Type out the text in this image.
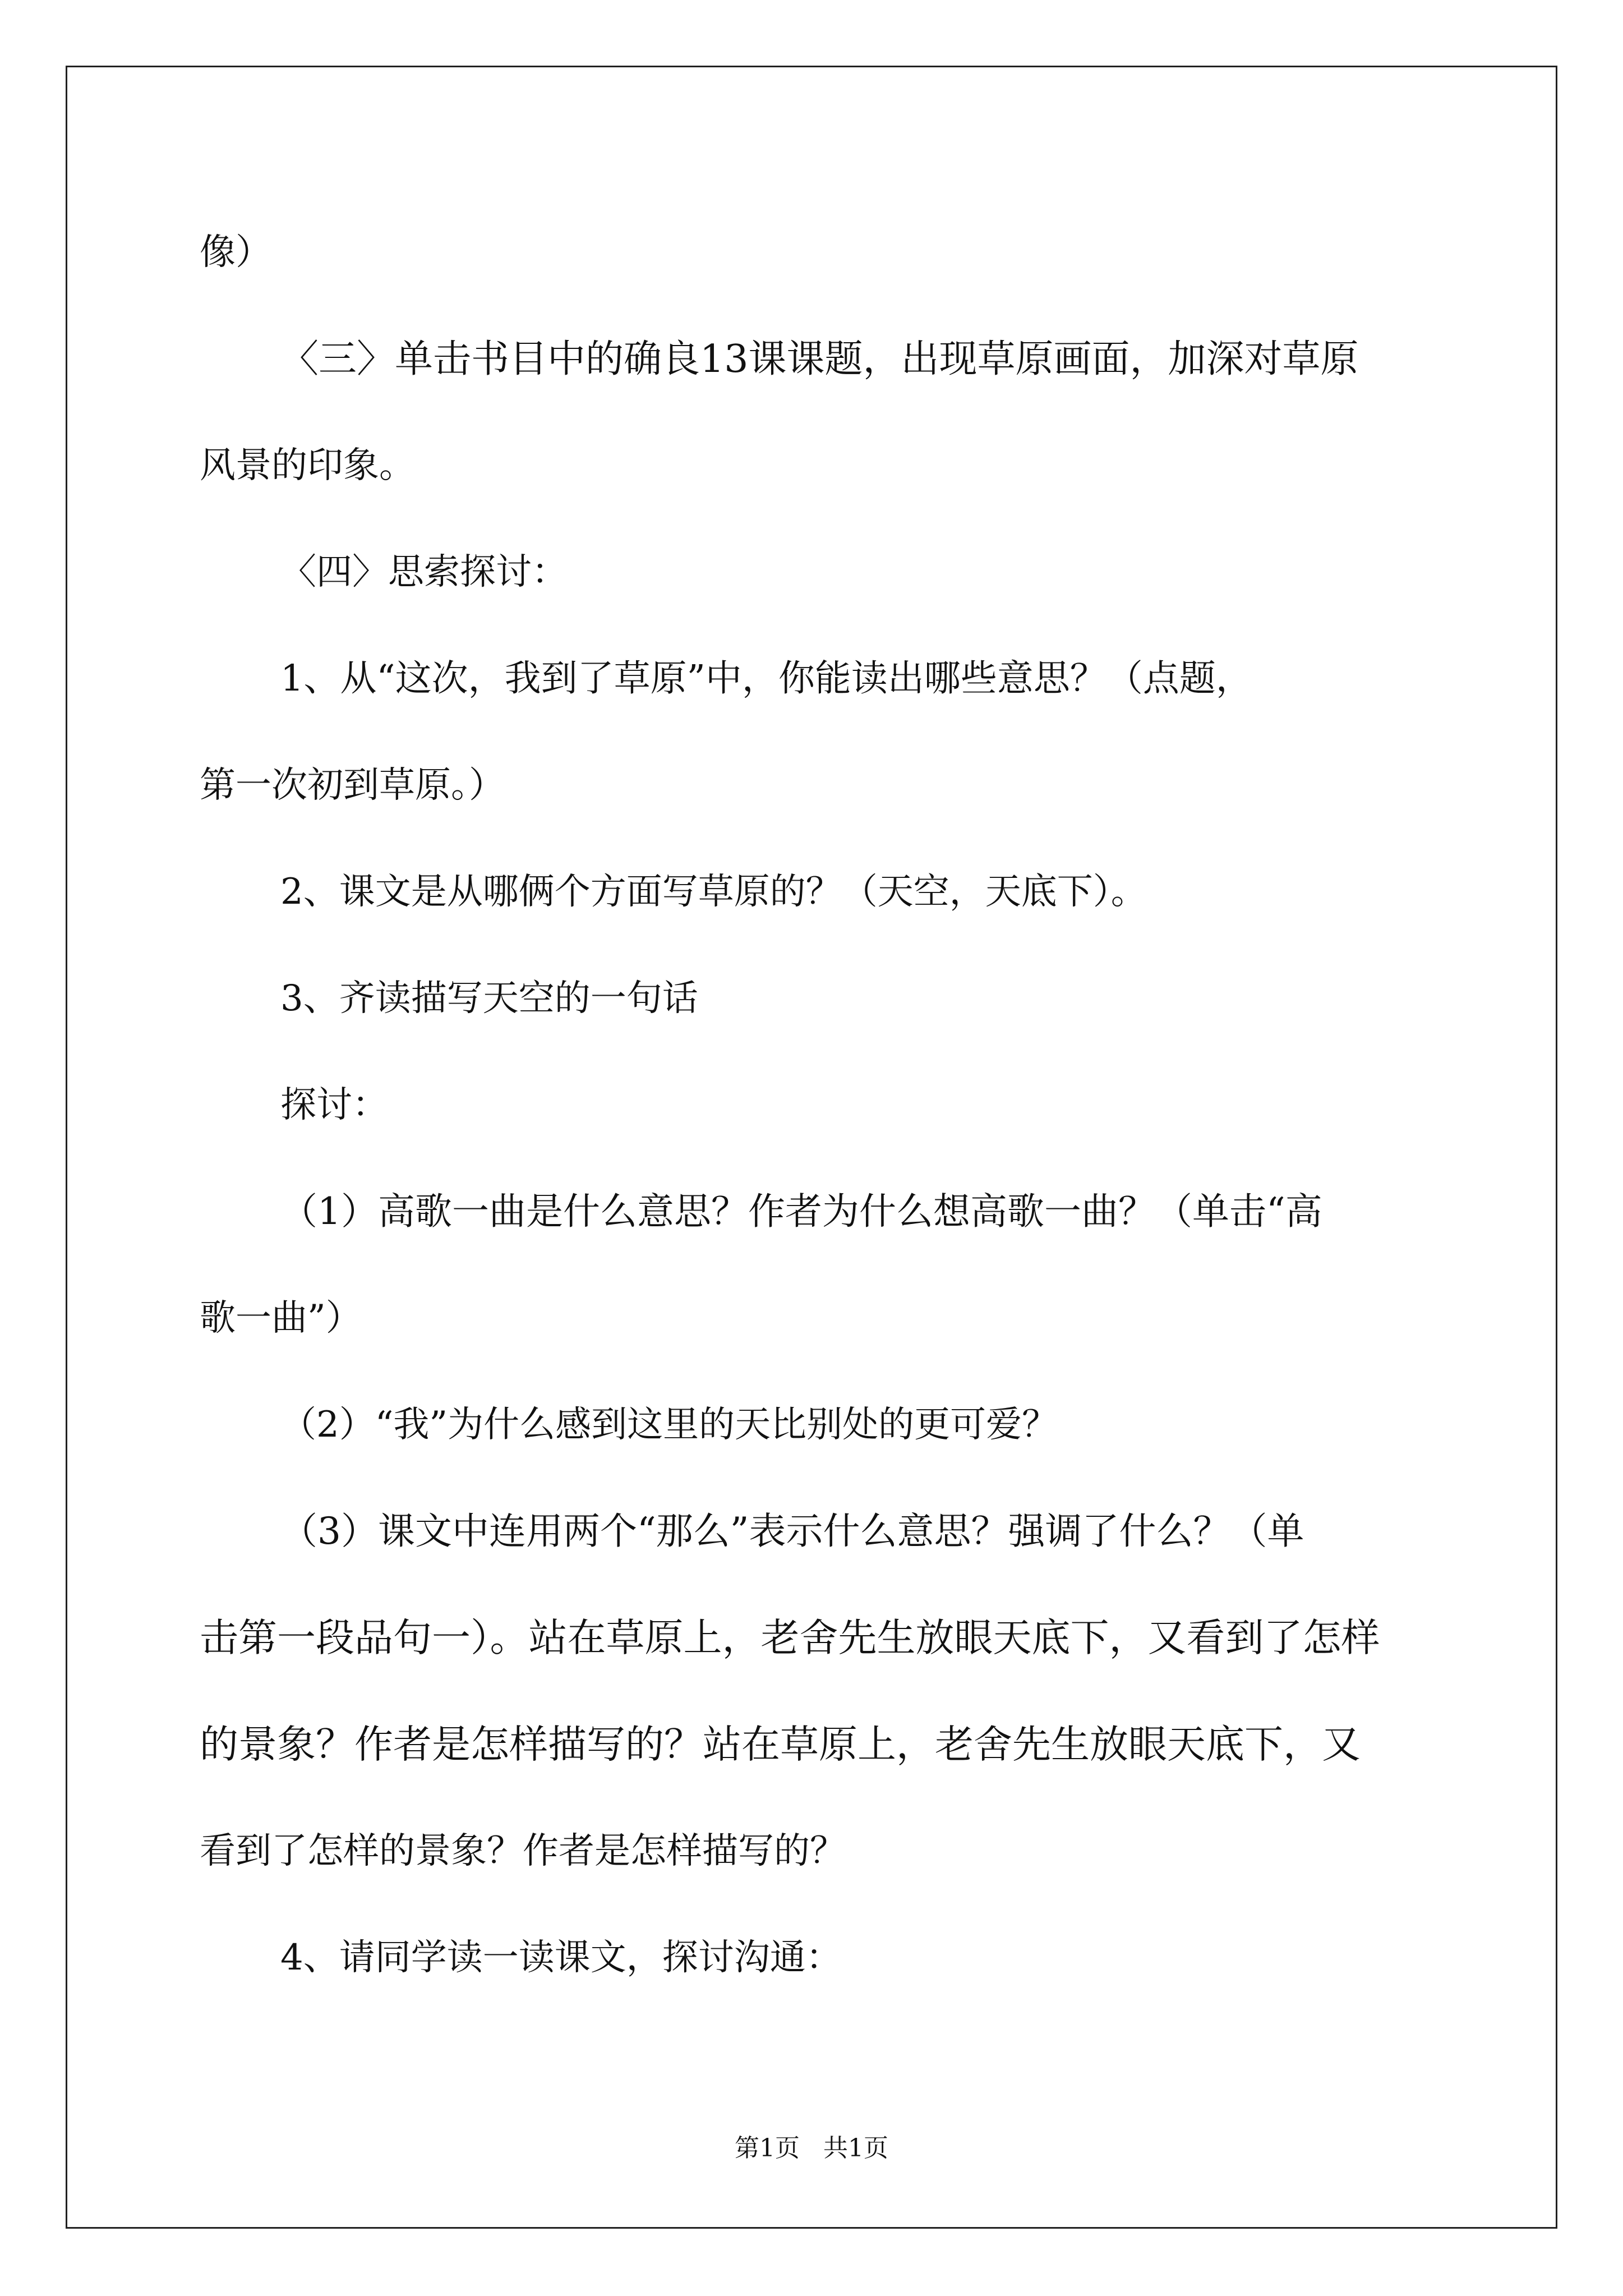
像）
〈三〉单击书目中的确良13课课题，出现草原画面，加深对草原
风景的印象。
〈四〉思索探讨：
1、从“这次，我到了草原”中，你能读出哪些意思？（点题，
第一次初到草原。）
2、课文是从哪俩个方面写草原的？（天空，天底下）。
3、齐读描写天空的一句话
探讨：
（1）高歌一曲是什么意思？作者为什么想高歌一曲？（单击“高
歌一曲”）
（2）“我”为什么感到这里的天比别处的更可爱？
（3）课文中连用两个“那么”表示什么意思？强调了什么？（单
击第一段品句一）。站在草原上，老舍先生放眼天底下，又看到了怎样
的景象？作者是怎样描写的？站在草原上，老舍先生放眼天底下，又
看到了怎样的景象？作者是怎样描写的？
4、请同学读一读课文，探讨沟通：
第1页   共1页
